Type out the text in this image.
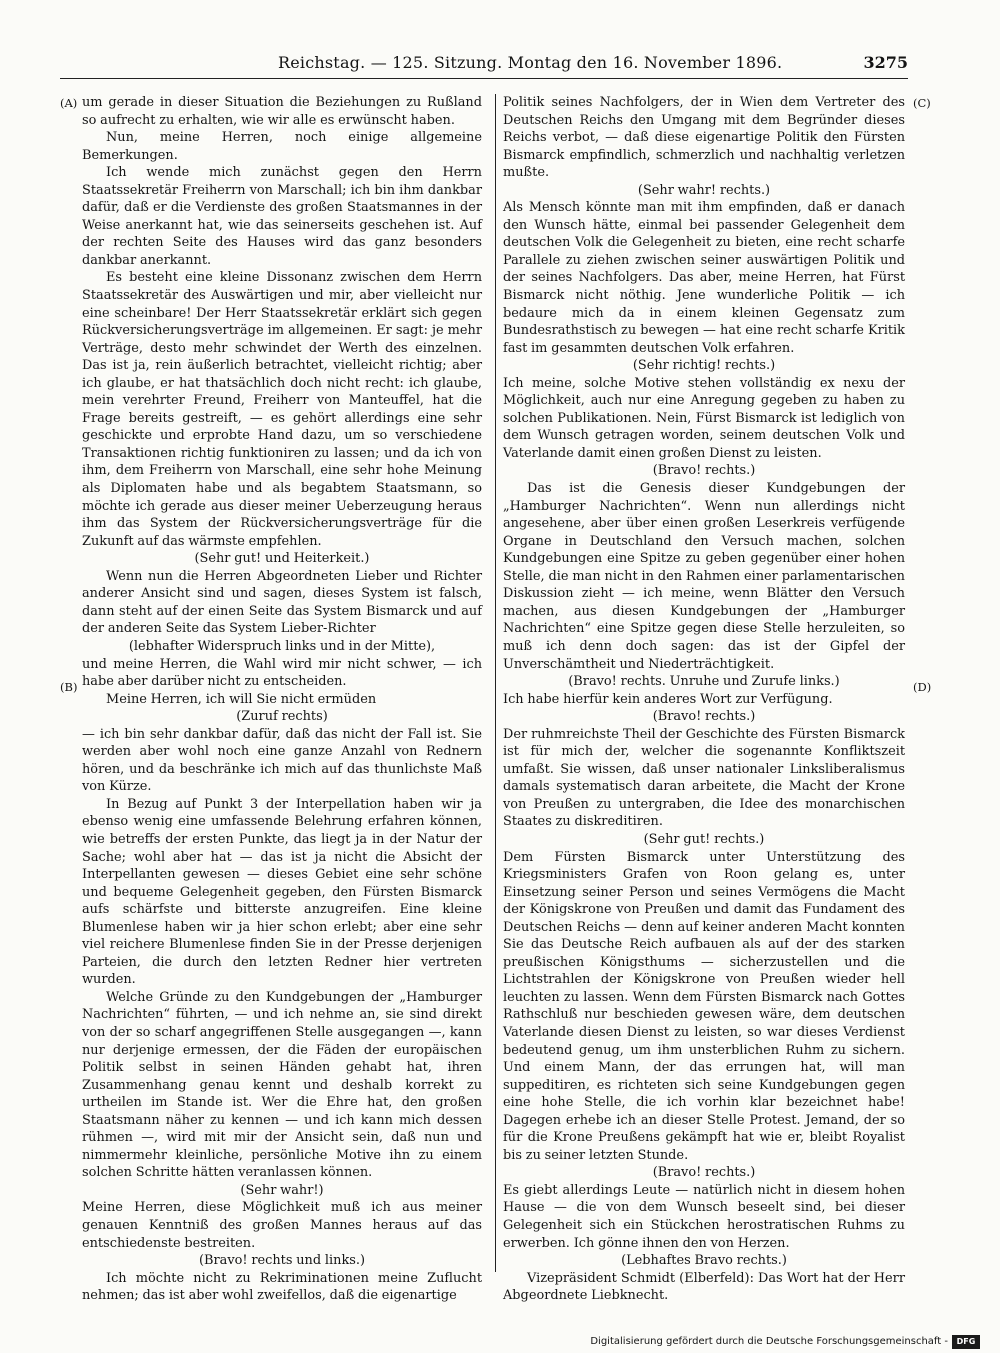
Reichstag. — 125. Sitzung. Montag den 16. November 1896.	3275
(A)
(B)
(C)
(D)

um gerade in dieser Situation die Beziehungen zu Rußland so aufrecht zu erhalten, wie wir alle es erwünscht haben.

Nun, meine Herren, noch einige allgemeine Bemerkungen.

Ich wende mich zunächst gegen den Herrn Staatssekretär Freiherrn von Marschall; ich bin ihm dankbar dafür, daß er die Verdienste des großen Staatsmannes in der Weise anerkannt hat, wie das seinerseits geschehen ist. Auf der rechten Seite des Hauses wird das ganz besonders dankbar anerkannt.

Es besteht eine kleine Dissonanz zwischen dem Herrn Staatssekretär des Auswärtigen und mir, aber vielleicht nur eine scheinbare! Der Herr Staatssekretär erklärt sich gegen Rückversicherungsverträge im allgemeinen. Er sagt: je mehr Verträge, desto mehr schwindet der Werth des einzelnen. Das ist ja, rein äußerlich betrachtet, vielleicht richtig; aber ich glaube, er hat thatsächlich doch nicht recht: ich glaube, mein verehrter Freund, Freiherr von Manteuffel, hat die Frage bereits gestreift, — es gehört allerdings eine sehr geschickte und erprobte Hand dazu, um so verschiedene Transaktionen richtig funktioniren zu lassen; und da ich von ihm, dem Freiherrn von Marschall, eine sehr hohe Meinung als Diplomaten habe und als begabtem Staatsmann, so möchte ich gerade aus dieser meiner Ueberzeugung heraus ihm das System der Rückversicherungsverträge für die Zukunft auf das wärmste empfehlen.

(Sehr gut! und Heiterkeit.)

Wenn nun die Herren Abgeordneten Lieber und Richter anderer Ansicht sind und sagen, dieses System ist falsch, dann steht auf der einen Seite das System Bismarck und auf der anderen Seite das System Lieber-Richter

(lebhafter Widerspruch links und in der Mitte),

und meine Herren, die Wahl wird mir nicht schwer, — ich habe aber darüber nicht zu entscheiden.

Meine Herren, ich will Sie nicht ermüden

(Zuruf rechts)

— ich bin sehr dankbar dafür, daß das nicht der Fall ist. Sie werden aber wohl noch eine ganze Anzahl von Rednern hören, und da beschränke ich mich auf das thunlichste Maß von Kürze.

In Bezug auf Punkt 3 der Interpellation haben wir ja ebenso wenig eine umfassende Belehrung erfahren können, wie betreffs der ersten Punkte, das liegt ja in der Natur der Sache; wohl aber hat — das ist ja nicht die Absicht der Interpellanten gewesen — dieses Gebiet eine sehr schöne und bequeme Gelegenheit gegeben, den Fürsten Bismarck aufs schärfste und bitterste anzugreifen. Eine kleine Blumenlese haben wir ja hier schon erlebt; aber eine sehr viel reichere Blumenlese finden Sie in der Presse derjenigen Parteien, die durch den letzten Redner hier vertreten wurden.

Welche Gründe zu den Kundgebungen der „Hamburger Nachrichten“ führten, — und ich nehme an, sie sind direkt von der so scharf angegriffenen Stelle ausgegangen —, kann nur derjenige ermessen, der die Fäden der europäischen Politik selbst in seinen Händen gehabt hat, ihren Zusammenhang genau kennt und deshalb korrekt zu urtheilen im Stande ist. Wer die Ehre hat, den großen Staatsmann näher zu kennen — und ich kann mich dessen rühmen —, wird mit mir der Ansicht sein, daß nun und nimmermehr kleinliche, persönliche Motive ihn zu einem solchen Schritte hätten veranlassen können.

(Sehr wahr!)

Meine Herren, diese Möglichkeit muß ich aus meiner genauen Kenntniß des großen Mannes heraus auf das entschiedenste bestreiten.

(Bravo! rechts und links.)

Ich möchte nicht zu Rekriminationen meine Zuflucht nehmen; das ist aber wohl zweifellos, daß die eigenartige

Politik seines Nachfolgers, der in Wien dem Vertreter des Deutschen Reichs den Umgang mit dem Begründer dieses Reichs verbot, — daß diese eigenartige Politik den Fürsten Bismarck empfindlich, schmerzlich und nachhaltig verletzen mußte.

(Sehr wahr! rechts.)

Als Mensch könnte man mit ihm empfinden, daß er danach den Wunsch hätte, einmal bei passender Gelegenheit dem deutschen Volk die Gelegenheit zu bieten, eine recht scharfe Parallele zu ziehen zwischen seiner auswärtigen Politik und der seines Nachfolgers. Das aber, meine Herren, hat Fürst Bismarck nicht nöthig. Jene wunderliche Politik — ich bedaure mich da in einem kleinen Gegensatz zum Bundesrathstisch zu bewegen — hat eine recht scharfe Kritik fast im gesammten deutschen Volk erfahren.

(Sehr richtig! rechts.)

Ich meine, solche Motive stehen vollständig ex nexu der Möglichkeit, auch nur eine Anregung gegeben zu haben zu solchen Publikationen. Nein, Fürst Bismarck ist lediglich von dem Wunsch getragen worden, seinem deutschen Volk und Vaterlande damit einen großen Dienst zu leisten.

(Bravo! rechts.)

Das ist die Genesis dieser Kundgebungen der „Hamburger Nachrichten“. Wenn nun allerdings nicht angesehene, aber über einen großen Leserkreis verfügende Organe in Deutschland den Versuch machen, solchen Kundgebungen eine Spitze zu geben gegenüber einer hohen Stelle, die man nicht in den Rahmen einer parlamentarischen Diskussion zieht — ich meine, wenn Blätter den Versuch machen, aus diesen Kundgebungen der „Hamburger Nachrichten“ eine Spitze gegen diese Stelle herzuleiten, so muß ich denn doch sagen: das ist der Gipfel der Unverschämtheit und Niederträchtigkeit.

(Bravo! rechts. Unruhe und Zurufe links.)

Ich habe hierfür kein anderes Wort zur Verfügung.

(Bravo! rechts.)

Der ruhmreichste Theil der Geschichte des Fürsten Bismarck ist für mich der, welcher die sogenannte Konfliktszeit umfaßt. Sie wissen, daß unser nationaler Linksliberalismus damals systematisch daran arbeitete, die Macht der Krone von Preußen zu untergraben, die Idee des monarchischen Staates zu diskreditiren.

(Sehr gut! rechts.)

Dem Fürsten Bismarck unter Unterstützung des Kriegsministers Grafen von Roon gelang es, unter Einsetzung seiner Person und seines Vermögens die Macht der Königskrone von Preußen und damit das Fundament des Deutschen Reichs — denn auf keiner anderen Macht konnten Sie das Deutsche Reich aufbauen als auf der des starken preußischen Königsthums — sicherzustellen und die Lichtstrahlen der Königskrone von Preußen wieder hell leuchten zu lassen. Wenn dem Fürsten Bismarck nach Gottes Rathschluß nur beschieden gewesen wäre, dem deutschen Vaterlande diesen Dienst zu leisten, so war dieses Verdienst bedeutend genug, um ihm unsterblichen Ruhm zu sichern. Und einem Mann, der das errungen hat, will man suppeditiren, es richteten sich seine Kundgebungen gegen eine hohe Stelle, die ich vorhin klar bezeichnet habe! Dagegen erhebe ich an dieser Stelle Protest. Jemand, der so für die Krone Preußens gekämpft hat wie er, bleibt Royalist bis zu seiner letzten Stunde.

(Bravo! rechts.)

Es giebt allerdings Leute — natürlich nicht in diesem hohen Hause — die von dem Wunsch beseelt sind, bei dieser Gelegenheit sich ein Stückchen herostratischen Ruhms zu erwerben. Ich gönne ihnen den von Herzen.

(Lebhaftes Bravo rechts.)

Vizepräsident Schmidt (Elberfeld): Das Wort hat der Herr Abgeordnete Liebknecht.

Digitalisierung gefördert durch die Deutsche Forschungsgemeinschaft -	DFG
